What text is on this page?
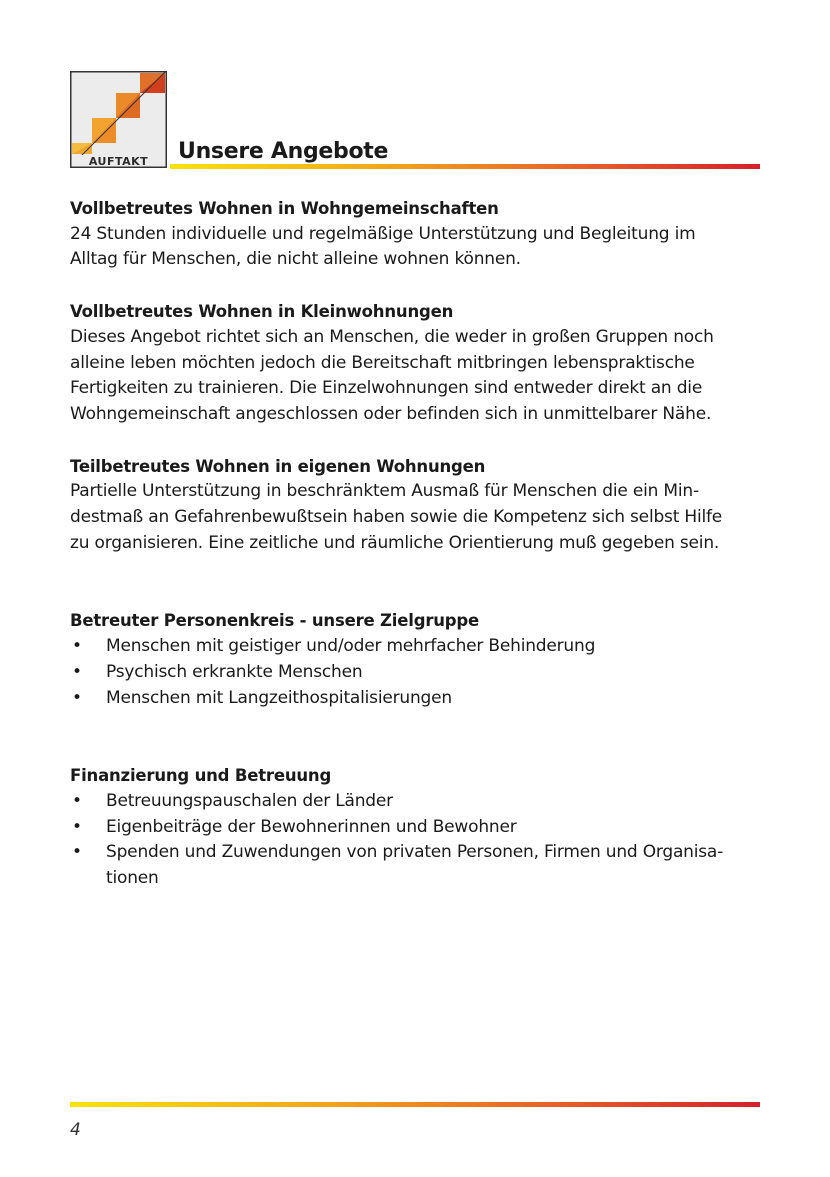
AUFTAKT Unsere Angebote
Vollbetreutes Wohnen in Wohngemeinschaften

24 Stunden individuelle und regelmäßige Unterstützung und Begleitung im

Alltag für Menschen, die nicht alleine wohnen können.

Vollbetreutes Wohnen in Kleinwohnungen

Dieses Angebot richtet sich an Menschen, die weder in großen Gruppen noch

alleine leben möchten jedoch die Bereitschaft mitbringen lebenspraktische

Fertigkeiten zu trainieren. Die Einzelwohnungen sind entweder direkt an die

Wohngemeinschaft angeschlossen oder befinden sich in unmittelbarer Nähe.

Teilbetreutes Wohnen in eigenen Wohnungen

Partielle Unterstützung in beschränktem Ausmaß für Menschen die ein Min-

destmaß an Gefahrenbewußtsein haben sowie die Kompetenz sich selbst Hilfe

zu organisieren. Eine zeitliche und räumliche Orientierung muß gegeben sein.

Betreuter Personenkreis - unsere Zielgruppe
• Menschen mit geistiger und/oder mehrfacher Behinderung
• Psychisch erkrankte Menschen
• Menschen mit Langzeithospitalisierungen
Finanzierung und Betreuung
• Betreuungspauschalen der Länder
• Eigenbeiträge der Bewohnerinnen und Bewohner
• Spenden und Zuwendungen von privaten Personen, Firmen und Organisa-
tionen
4
